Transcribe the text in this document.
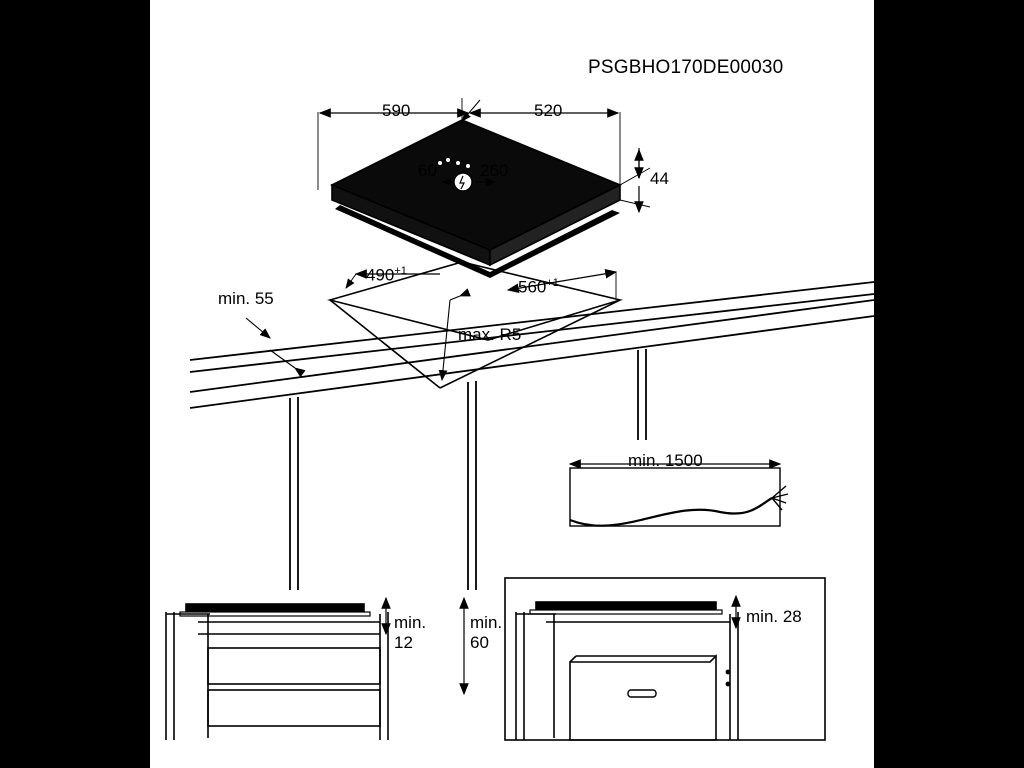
PSGBHO170DE00030
590	520
60	260	44
$490^{+1}$
$560^{+1}$
min. 55
max. R5
min. 1500
min.
12
min.
60
min. 28
